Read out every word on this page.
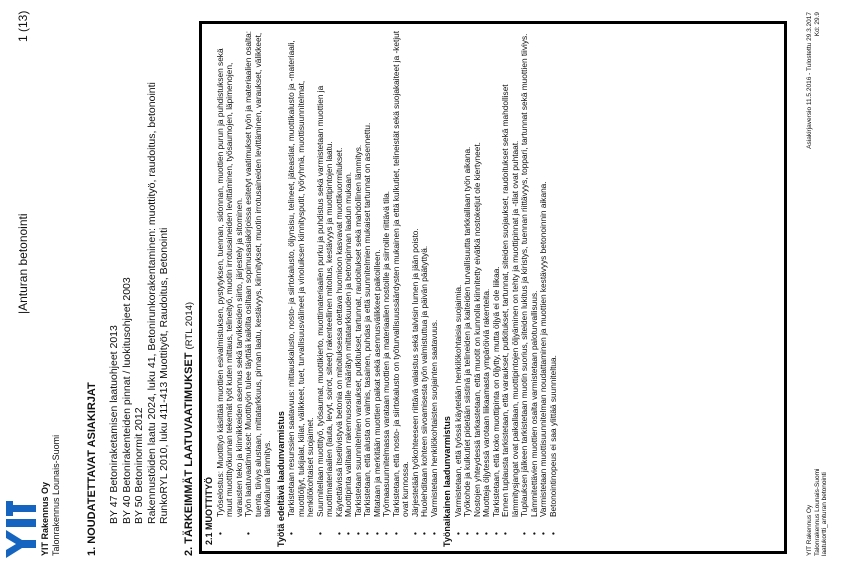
YIT Rakennus Oy
Talonrakennus Lounais-Suomi
|Anturan betonointi
1 (13)
1. NOUDATETTAVAT ASIAKIRJAT BY 47 Betoniraketamisen laatuohjeet 2013 BY 40 Betonirakenteiden pinnat / luokitusohjeet 2003 BY 50 Betoninormit 2012 Rakennustöiden laatu 2024, luku 41, Betonirunkorakentaminen: muottityö, raudoitus, betonointi RunkoRYL 2010, luku 411-413 Muottityöt, Raudoitus, Betonointi 2. TÄRKEIMMÄT LAATUVAATIMUKSET (RTL 2014)
2.1 MUOTTITYÖ • Työselostus: Muottityö käsittää muottien esivalmistuksen, pystytyksen, tuennan, sidonnan, muottien purun ja puhdistuksen sekä muut muottityökunnan tekemät työt kuten mittaus, telineityö, muotin irrotusaineiden levittäminen, työsaumojen, läpimenojen, varausten teko ja kiinnikkeiden asennus sekä tarvikkeiden siirto, järjestely ja sitominen. • Työn laatuvaatimukset: Muottityön tulee täyttää kaikilta osiltaan sopimusasiakirjoissa esitetyt vaatimukset työn ja materiaalien osalta: tuenta, tiiviys alustaan, mittatarkkuus, pinnan laatu, kestävyys, kiinnitykset, muotin irrotusaineiden levittäminen, varaukset, välikkeet, talvikaluna lämmitys. Työtä edeltävä laadunvarmistus • Tarkistetaan resurssien saatavuus: mittauskalusto, nosto- ja siirtokalusto, öljynsisu, telineet, jäteastiat, muottikalusto ja -materiaali, muottiöljyt, tukijalat, kiilat, välikkeet, tuet, turvallisuusvälineet ja vinoluiksen kiinnitysputit, työryhmä, muottisuunnitelmat, henkilökohtaiset suojaimet. • Suunnitellaan muottityö, työsaumat, muottikierto, muottimateriaalien purku ja puhdistus sekä varmistetaan muottien ja muottimateriaalien (lauta, levyt, soirot, siteet) rakenteellinen mitoitus, kestävyys ja muottipintojen laatu. • Käytettävissä itsetiivistyvä betonia on mitoituksessa otettava huomioon kasvavat muottikuormitukset. • Muottipinta valitaan rakennusosille määrätyn mittatarkkuuden ja betonipinnan laadun mukaan. • Tarkistetaan suunnitelmien varaukset, putkitukset, tartunnat, raudoitukset sekä mahdollinen lämmitys. • Tarkistetaan, että alusta on valmis, tasainen, puhdas ja että suunnitelmien mukaiset tartunnat on asennettu. • Mitataan ja merkitään muottien paikat sekä asennusvälikkeet paikoilleen. • Työmaasuunnitelmassa varataan muottien ja materiaalien nostoille ja siirroille riittävä tila. • Tarkistetaan, että nosto- ja siirtokalusto on työturvallisuussäärdysten mukainen ja että kulkutiet, telineistät sekä suojakaiteet ja -ketjut ovat kunnossa. • Järjestetään työkohteeseen riittävä valaistus sekä talvisin lumen ja jään poisto. • Huolehditaan kohteen siivoamisesta työn valmistuttua ja päivän päätyttyä. • Varmistetaan henkilökohtaisten suojainten saatavuus. Työnaikainen laadunvarmistus • Varmistetaan, että työssä käytetään henkilökohtaisia suojaimia. • Työkohde ja kulkutiet pidetään siistinä ja telineiden ja kaiteiden turvallisuutta tarkkaillaan työn aikana. • Nostojen yhteydessä tarkastetaan, että muotit on kunnolla kiinnitetty eivätkä nostoketjut ole kiertyneet. • Muotteja öljytessä varotaan liikaamasta ympäröiviä rakenteita. • Tarkistetaan, että koko muottipinta on öljytty, mutta öljyä ei ole liikaa. • Ennen tuplausta tarkistetaan, että varaukset, putkitukset, tartunnat, siteiden suojaukset, raudoitukset sekä mahdolliset lämmitysjangat ovat paikallaan, muottipintojen öljyäminen on tehty ja muottipinnat ja -tilat ovat puhtaat. • Tuplauksen jälkeen tarkistetaan muotin suorius, siteiden lukitus ja kiristys, tuennan riittävyys, toppari, tartunnat sekä muottien tiiviys. • Lämmitettävien muottien osalta varmistetaan paloturvallisuus. • Varmistetaan muottisuunnitelman noudattaminen ja muottien kestävyys betonoinnin aikana. • Betonointinopeus ei saa ylittää suunniteltua.
YIT Rakennus Oy Talonrakennus Lounais-Suomi laatukortti_anturan betonointi
Asiakirjaversio 11.5.2016 - Tulostettu 29.3.2017 Kd: 29.9
